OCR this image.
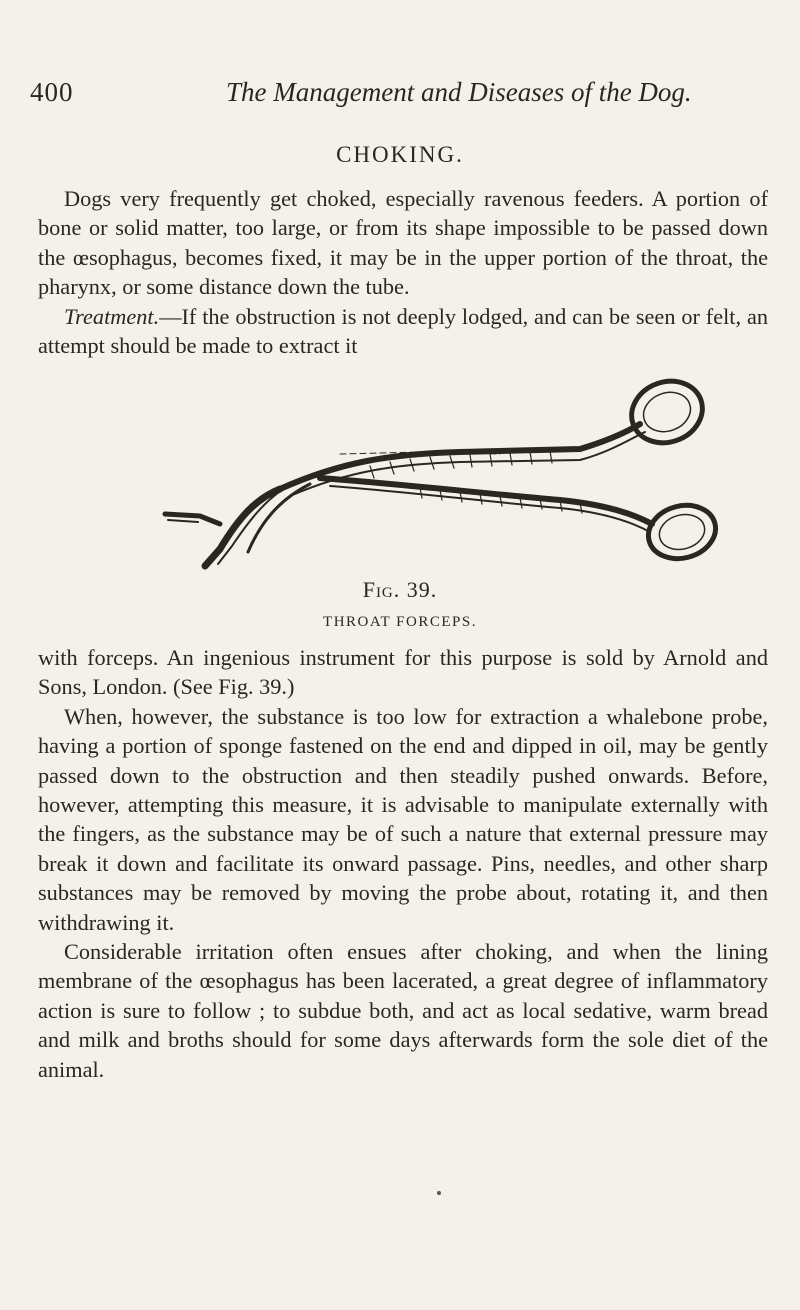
400	The Management and Diseases of the Dog.
CHOKING.

Dogs very frequently get choked, especially ravenous feeders. A portion of bone or solid matter, too large, or from its shape impossible to be passed down the œsophagus, becomes fixed, it may be in the upper portion of the throat, the pharynx, or some distance down the tube.

Treatment.—If the obstruction is not deeply lodged, and can be seen or felt, an attempt should be made to extract it

Fig. 39.
THROAT FORCEPS.

with forceps. An ingenious instrument for this purpose is sold by Arnold and Sons, London. (See Fig. 39.)

When, however, the substance is too low for extraction a whalebone probe, having a portion of sponge fastened on the end and dipped in oil, may be gently passed down to the obstruction and then steadily pushed onwards. Before, however, attempting this measure, it is advisable to manipulate externally with the fingers, as the substance may be of such a nature that external pressure may break it down and facilitate its onward passage. Pins, needles, and other sharp substances may be removed by moving the probe about, rotating it, and then withdrawing it.

Considerable irritation often ensues after choking, and when the lining membrane of the œsophagus has been lacerated, a great degree of inflammatory action is sure to follow ; to subdue both, and act as local sedative, warm bread and milk and broths should for some days afterwards form the sole diet of the animal.
